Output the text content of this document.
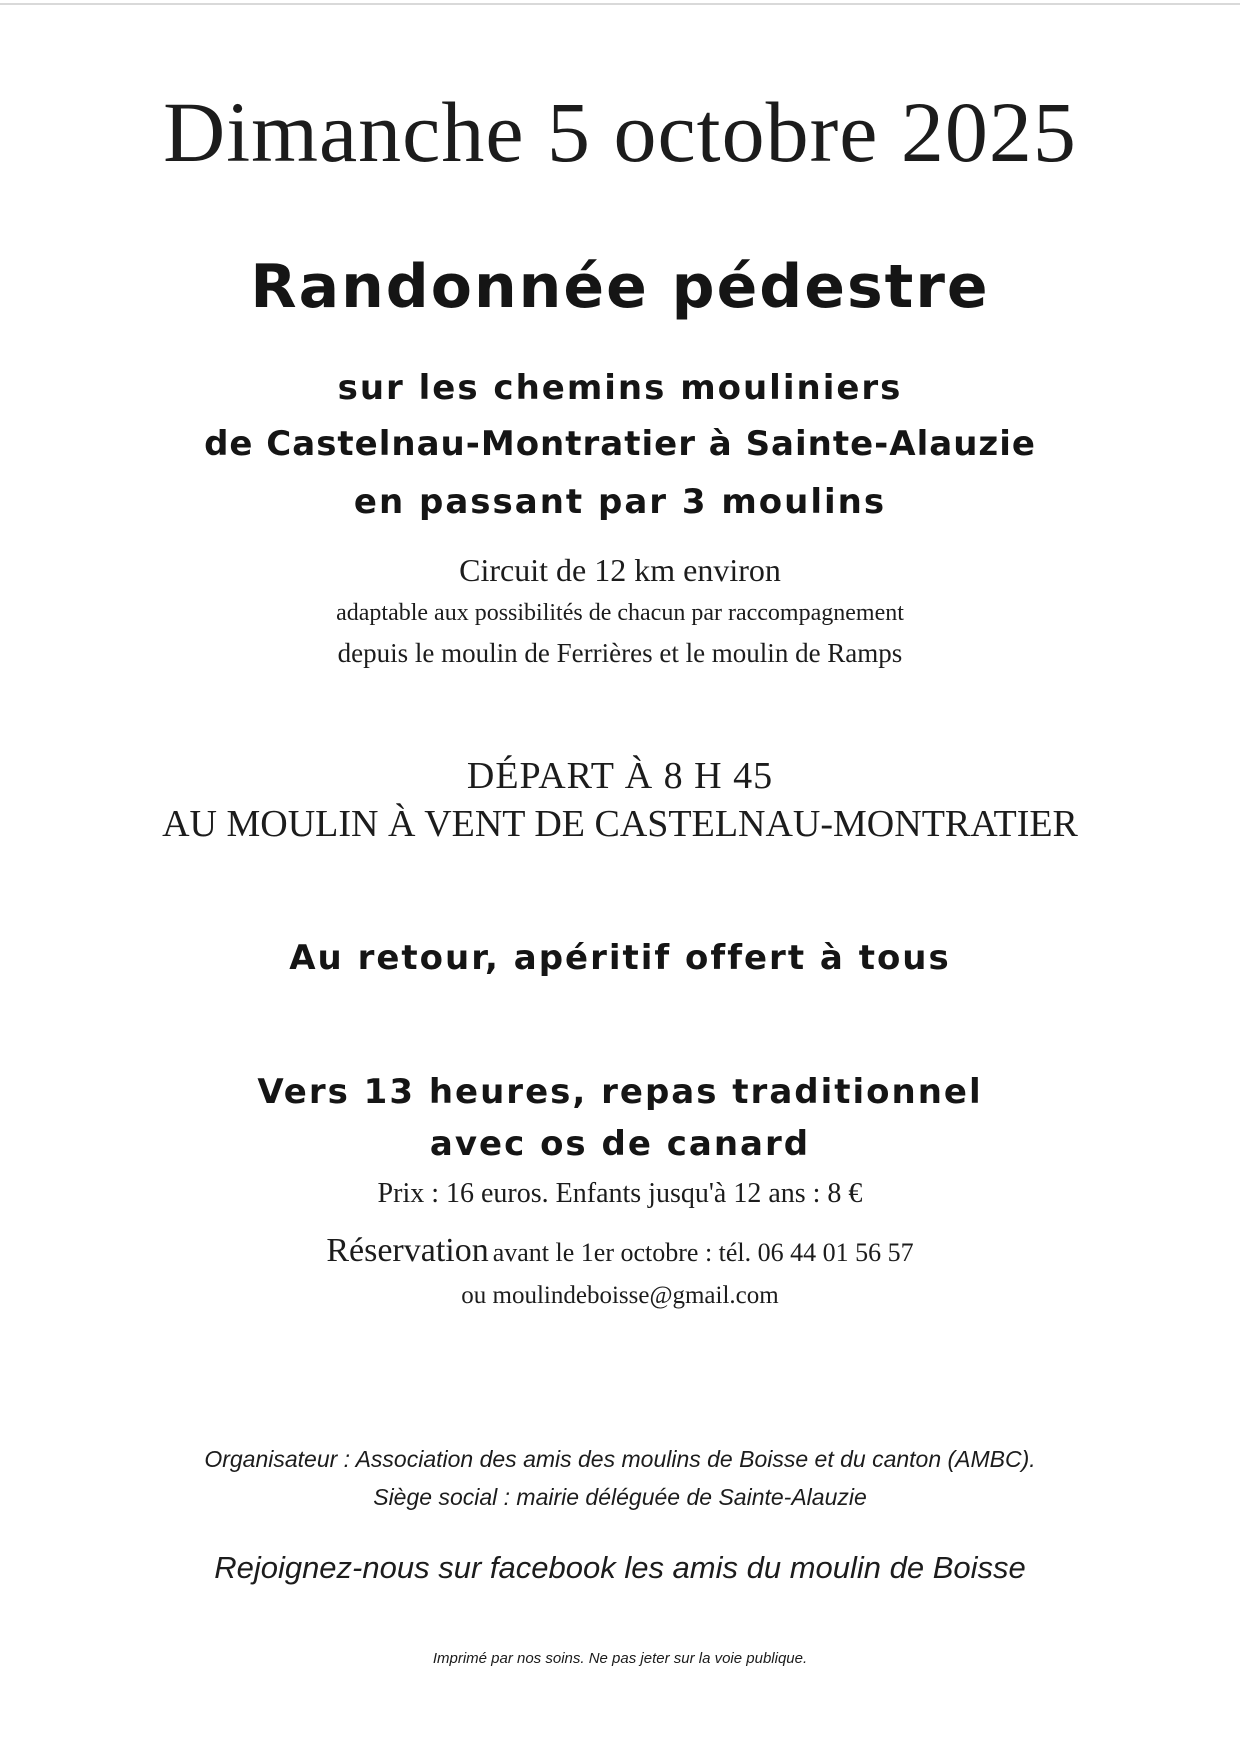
Dimanche 5 octobre 2025
Randonnée pédestre
sur les chemins mouliniers
de Castelnau-Montratier à Sainte-Alauzie
en passant par 3 moulins
Circuit de 12 km environ
adaptable aux possibilités de chacun par raccompagnement
depuis le moulin de Ferrières et le moulin de Ramps
DÉPART À 8 H 45
AU MOULIN À VENT DE CASTELNAU-MONTRATIER
Au retour, apéritif offert à tous
Vers 13 heures, repas traditionnel
avec os de canard
Prix : 16 euros. Enfants jusqu'à 12 ans : 8 €
Réservation avant le 1er octobre : tél. 06 44 01 56 57
ou moulindeboisse@gmail.com
Organisateur : Association des amis des moulins de Boisse et du canton (AMBC).
Siège social : mairie déléguée de Sainte-Alauzie
Rejoignez-nous sur facebook les amis du moulin de Boisse
Imprimé par nos soins. Ne pas jeter sur la voie publique.
